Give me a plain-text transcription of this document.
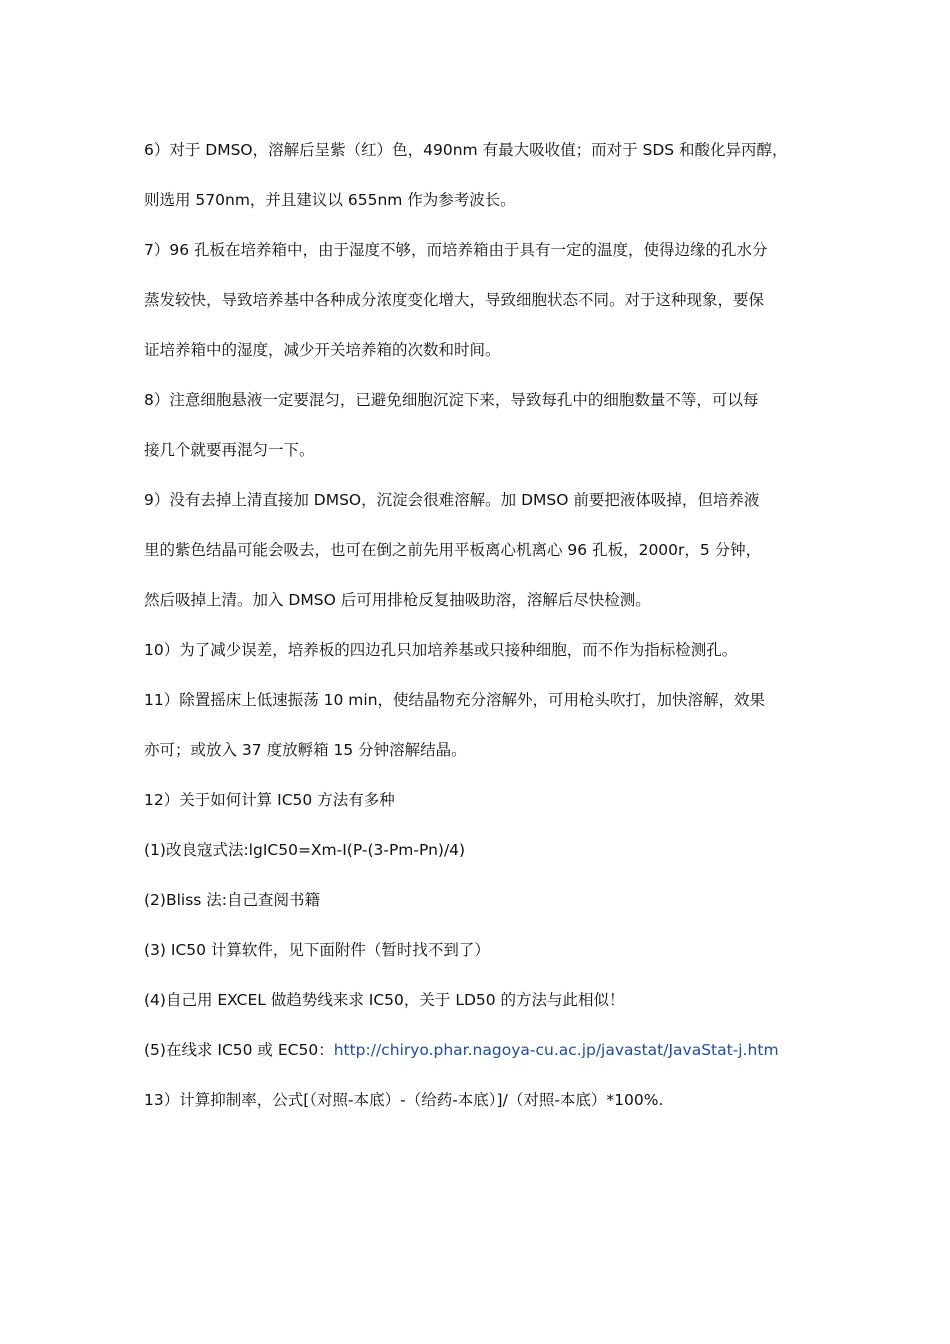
6）对于 DMSO，溶解后呈紫（红）色，490nm 有最大吸收值；而对于 SDS 和酸化异丙醇，
则选用 570nm，并且建议以 655nm 作为参考波长。
7）96 孔板在培养箱中，由于湿度不够，而培养箱由于具有一定的温度，使得边缘的孔水分
蒸发较快，导致培养基中各种成分浓度变化增大，导致细胞状态不同。对于这种现象，要保
证培养箱中的湿度，减少开关培养箱的次数和时间。
8）注意细胞悬液一定要混匀，已避免细胞沉淀下来，导致每孔中的细胞数量不等，可以每
接几个就要再混匀一下。
9）没有去掉上清直接加 DMSO，沉淀会很难溶解。加 DMSO 前要把液体吸掉，但培养液
里的紫色结晶可能会吸去，也可在倒之前先用平板离心机离心 96 孔板，2000r，5 分钟，
然后吸掉上清。加入 DMSO 后可用排枪反复抽吸助溶，溶解后尽快检测。
10）为了减少误差，培养板的四边孔只加培养基或只接种细胞，而不作为指标检测孔。
11）除置摇床上低速振荡 10 min，使结晶物充分溶解外，可用枪头吹打，加快溶解，效果
亦可；或放入 37 度放孵箱 15 分钟溶解结晶。
12）关于如何计算 IC50 方法有多种
(1)改良寇式法:lgIC50=Xm-I(P-(3-Pm-Pn)/4)
(2)Bliss 法:自己查阅书籍
(3) IC50 计算软件，见下面附件（暂时找不到了）
(4)自己用 EXCEL 做趋势线来求 IC50，关于 LD50 的方法与此相似！
(5)在线求 IC50 或 EC50：http://chiryo.phar.nagoya-cu.ac.jp/javastat/JavaStat-j.htm
13）计算抑制率，公式[（对照-本底）-（给药-本底）]/（对照-本底）*100%.
